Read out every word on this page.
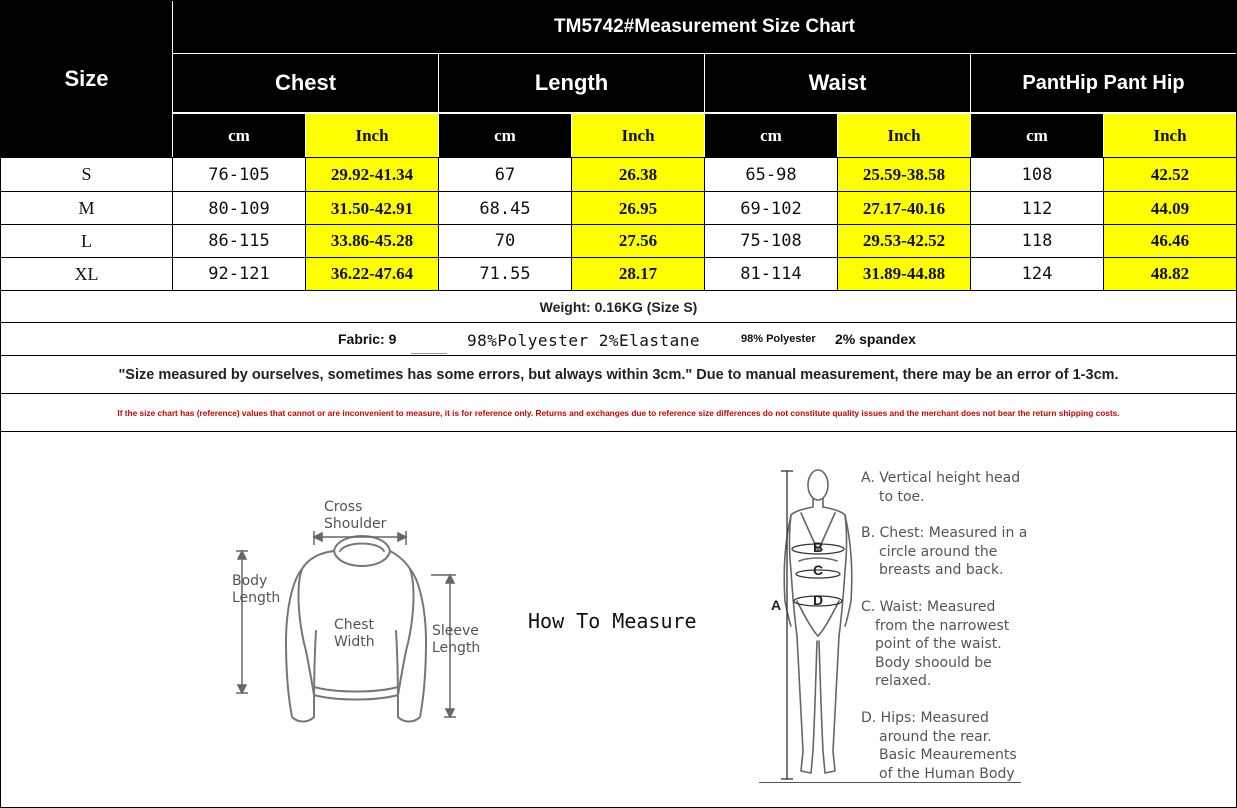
Size
TM5742#Measurement Size Chart
Chest	Length	Waist	PantHip Pant Hip
cm	Inch	cm	Inch	cm	Inch	cm	Inch
S	76-105	29.92-41.34	67	26.38	65-98	25.59-38.58	108	42.52
M	80-109	31.50-42.91	68.45	26.95	69-102	27.17-40.16	112	44.09
L	86-115	33.86-45.28	70	27.56	75-108	29.53-42.52	118	46.46
XL	92-121	36.22-47.64	71.55	28.17	81-114	31.89-44.88	124	48.82
Weight: 0.16KG (Size S)
Fabric: 9	98%Polyester 2%Elastane	98% Polyester 2% spandex
"Size measured by ourselves, sometimes has some errors, but always within 3cm." Due to manual measurement, there may be an error of 1-3cm.
If the size chart has (reference) values that cannot or are inconvenient to measure, it is for reference only. Returns and exchanges due to reference size differences do not constitute quality issues and the merchant does not bear the return shipping costs.
Cross
Shoulder
Body
Length
Chest
Width
Sleeve
Length
How To Measure
A
B
C
D
A. Vertical height head
to toe.
B. Chest: Measured in a
circle around the
breasts and back.
C. Waist: Measured
from the narrowest
point of the waist.
Body shoould be
relaxed.
D. Hips: Measured
around the rear.
Basic Meaurements
of the Human Body
